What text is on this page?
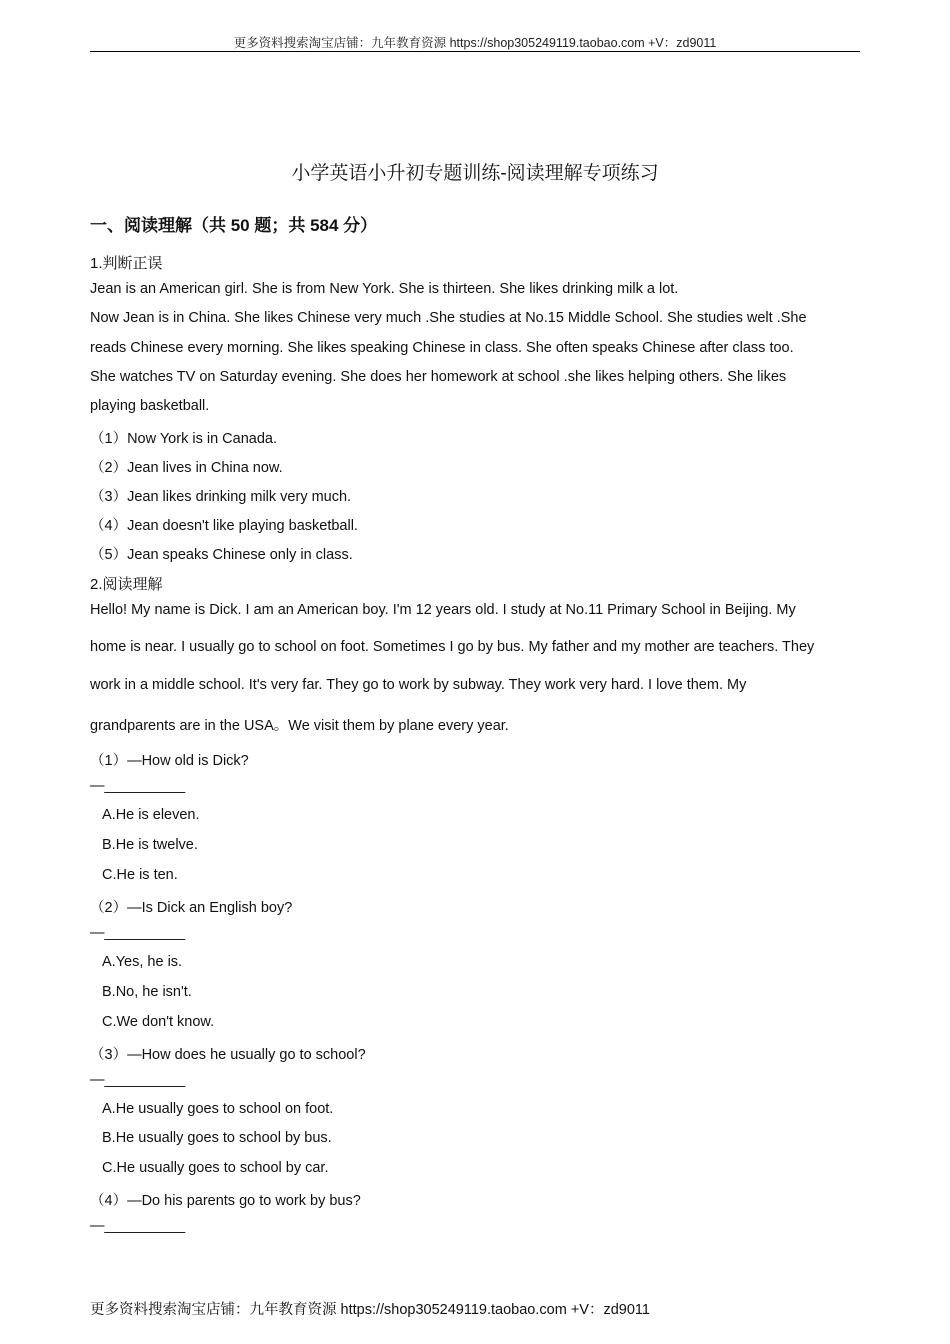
更多资料搜索淘宝店铺：九年教育资源 https://shop305249119.taobao.com +V：zd9011
小学英语小升初专题训练-阅读理解专项练习
一、阅读理解（共 50 题；共 584 分）
1.判断正误
Jean is an American girl. She is from New York. She is thirteen. She likes drinking milk a lot.
Now Jean is in China. She likes Chinese very much .She studies at No.15 Middle School. She studies welt .She
reads Chinese every morning. She likes speaking Chinese in class. She often speaks Chinese after class too.
She watches TV on Saturday evening. She does her homework at school .she likes helping others. She likes
playing basketball.
（1）Now York is in Canada.
（2）Jean lives in China now.
（3）Jean likes drinking milk very much.
（4）Jean doesn't like playing basketball.
（5）Jean speaks Chinese only in class.
2.阅读理解
Hello! My name is Dick. I am an American boy. I'm 12 years old. I study at No.11 Primary School in Beijing. My
home is near. I usually go to school on foot. Sometimes I go by bus. My father and my mother are teachers. They
work in a middle school. It's very far. They go to work by subway. They work very hard. I love them. My
grandparents are in the USA。We visit them by plane every year.
（1）—How old is Dick?
—__________
A.He is eleven.
B.He is twelve.
C.He is ten.
（2）—Is Dick an English boy?
—__________
A.Yes, he is.
B.No, he isn't.
C.We don't know.
（3）—How does he usually go to school?
—__________
A.He usually goes to school on foot.
B.He usually goes to school by bus.
C.He usually goes to school by car.
（4）—Do his parents go to work by bus?
—__________
更多资料搜索淘宝店铺：九年教育资源 https://shop305249119.taobao.com +V：zd9011
